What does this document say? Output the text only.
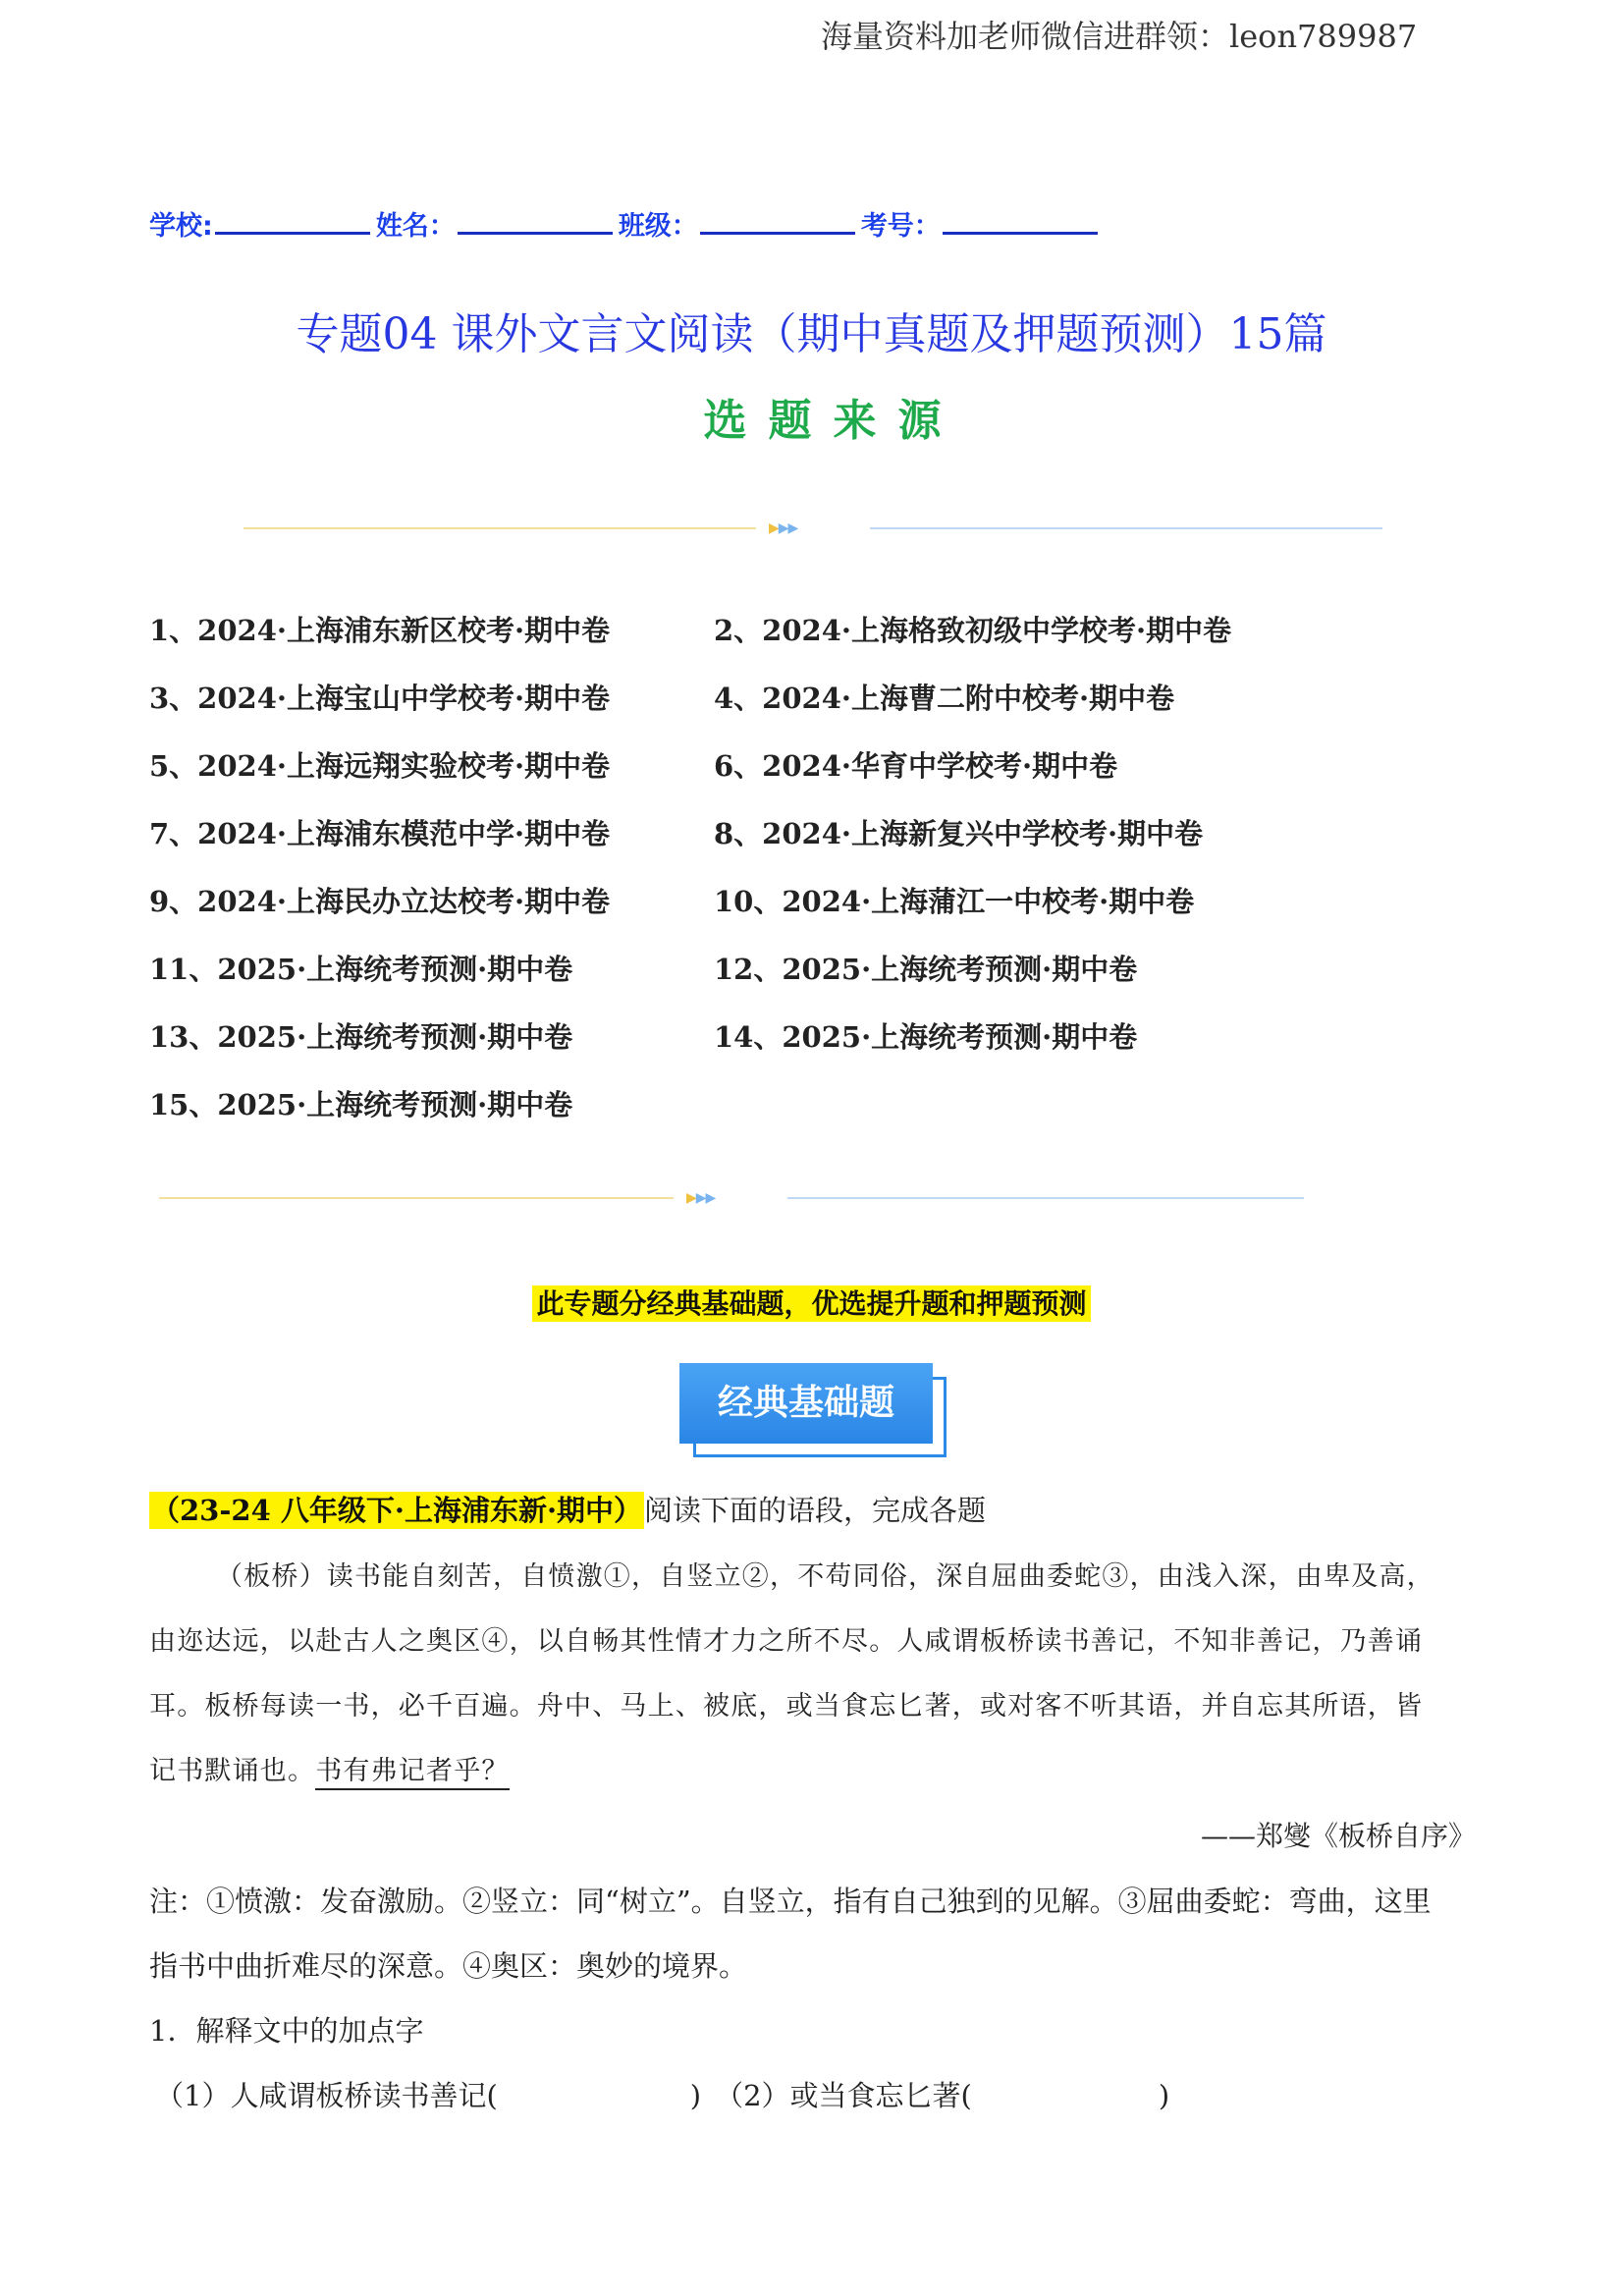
海量资料加老师微信进群领：leon789987
学校:	姓名：	班级：	考号：
专题04 课外文言文阅读（期中真题及押题预测）15篇
选题来源
▶▶▶
1、2024·上海浦东新区校考·期中卷	2、2024·上海格致初级中学校考·期中卷
3、2024·上海宝山中学校考·期中卷	4、2024·上海曹二附中校考·期中卷
5、2024·上海远翔实验校考·期中卷	6、2024·华育中学校考·期中卷
7、2024·上海浦东模范中学·期中卷	8、2024·上海新复兴中学校考·期中卷
9、2024·上海民办立达校考·期中卷	10、2024·上海蒲江一中校考·期中卷
11、2025·上海统考预测·期中卷	12、2025·上海统考预测·期中卷
13、2025·上海统考预测·期中卷	14、2025·上海统考预测·期中卷
15、2025·上海统考预测·期中卷
▶▶▶
此专题分经典基础题，优选提升题和押题预测
经典基础题
（23-24 八年级下·上海浦东新·期中）阅读下面的语段，完成各题
（板桥）读书能自刻苦，自愤激①，自竖立②，不苟同俗，深自屈曲委蛇③，由浅入深，由卑及高，
由迩达远，以赴古人之奥区④，以自畅其性情才力之所不尽。人咸谓板桥读书善记，不知非善记，乃善诵
耳。板桥每读一书，必千百遍。舟中、马上、被底，或当食忘匕著，或对客不听其语，并自忘其所语，皆
记书默诵也。书有弗记者乎？
——郑燮《板桥自序》
注：①愤激：发奋激励。②竖立：同“树立”。自竖立，指有自己独到的见解。③屈曲委蛇：弯曲，这里
指书中曲折难尽的深意。④奥区：奥妙的境界。
1．解释文中的加点字
（1）人咸谓板桥读书善记(	) （2）或当食忘匕著(	)
